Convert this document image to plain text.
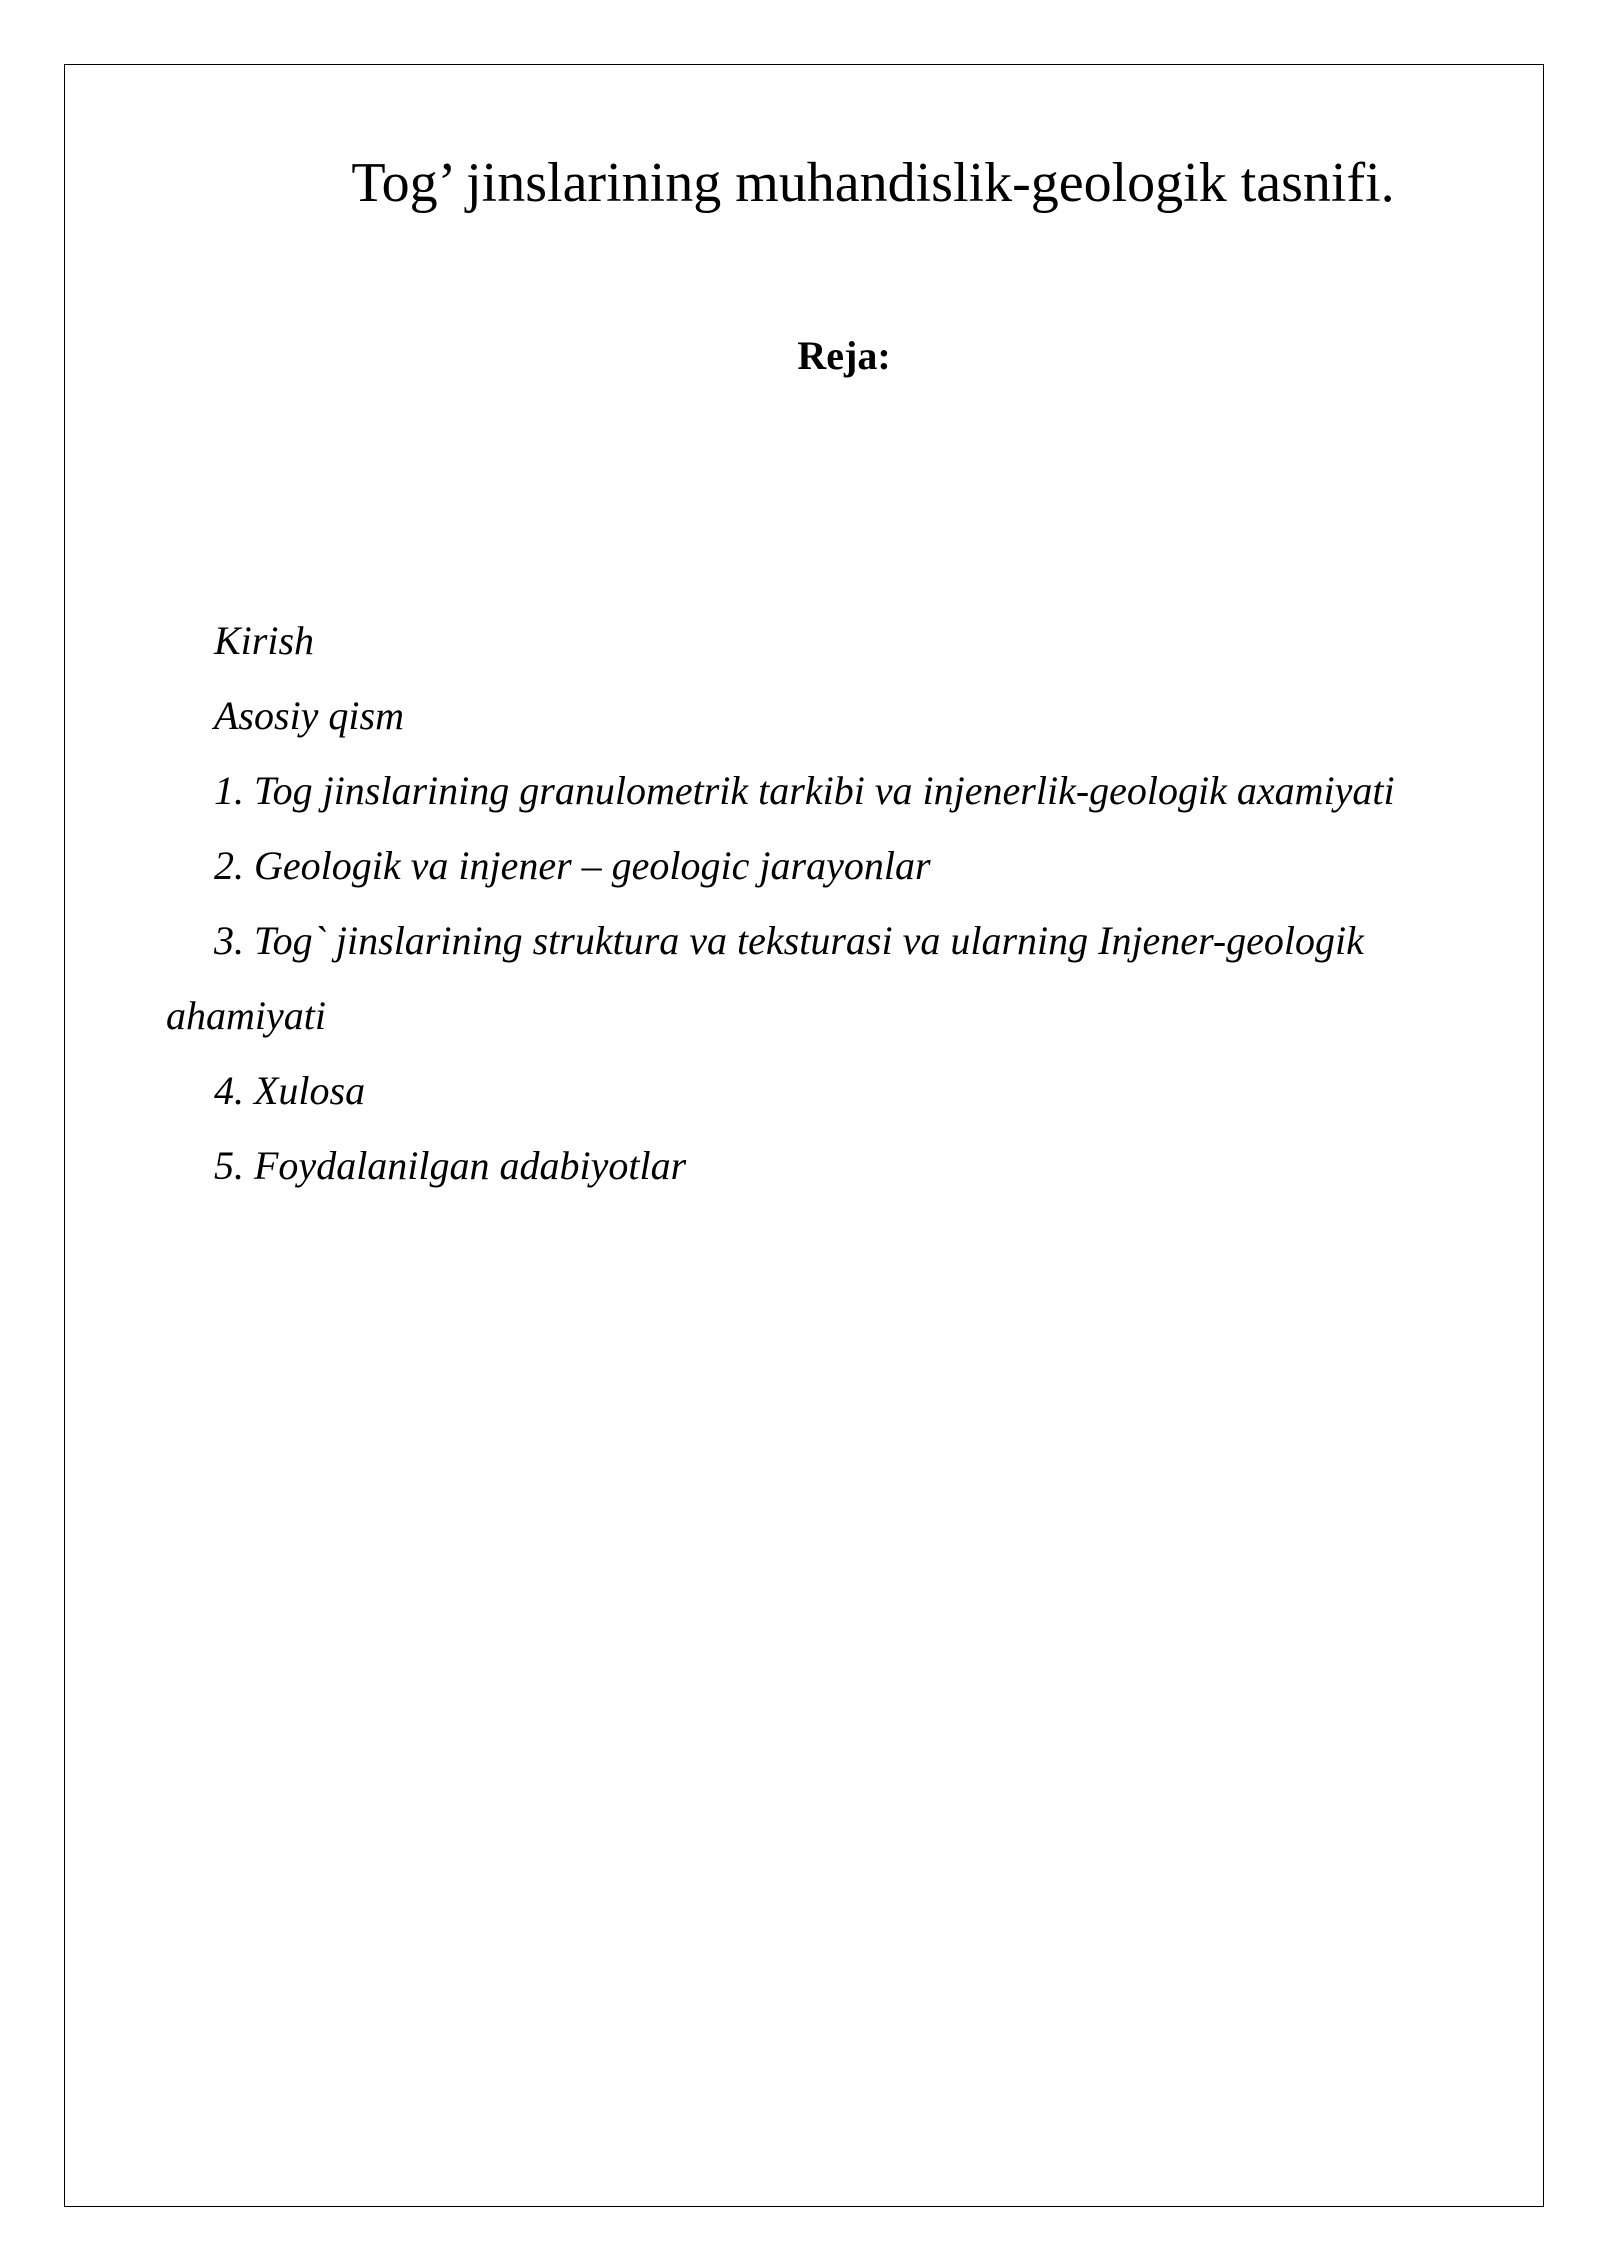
Tog’ jinslarining muhandislik-geologik tasnifi.
Reja:
Kirish
Asosiy qism
1. Tog jinslarining granulometrik tarkibi va injenerlik-geologik axamiyati
2. Geologik va injener – geologic jarayonlar
3. Tog` jinslarining struktura va teksturasi va ularning Injener-geologik ahamiyati
4. Xulosa
5. Foydalanilgan adabiyotlar
